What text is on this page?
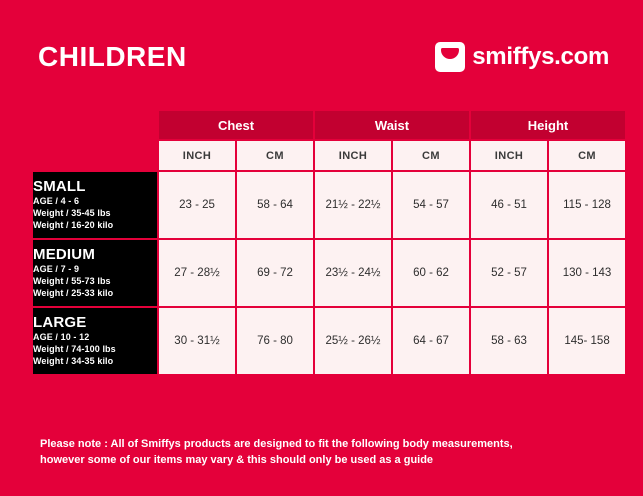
CHILDREN	smiffys.com
	Chest		Waist		Height	
	INCH	CM	INCH	CM	INCH	CM

SMALL
AGE / 4 - 6
Weight / 35-45 lbs
Weight / 16-20 kilo	23 - 25	58 - 64	21½ - 22½	54 - 57	46 - 51	115 - 128

MEDIUM
AGE / 7 - 9
Weight / 55-73 lbs
Weight / 25-33 kilo	27 - 28½	69 - 72	23½ - 24½	60 - 62	52 - 57	130 - 143

LARGE
AGE / 10 - 12
Weight / 74-100 lbs
Weight / 34-35 kilo	30 - 31½	76 - 80	25½ - 26½	64 - 67	58 - 63	145- 158
Please note : All of Smiffys products are designed to fit the following body measurements,
however some of our items may vary & this should only be used as a guide
